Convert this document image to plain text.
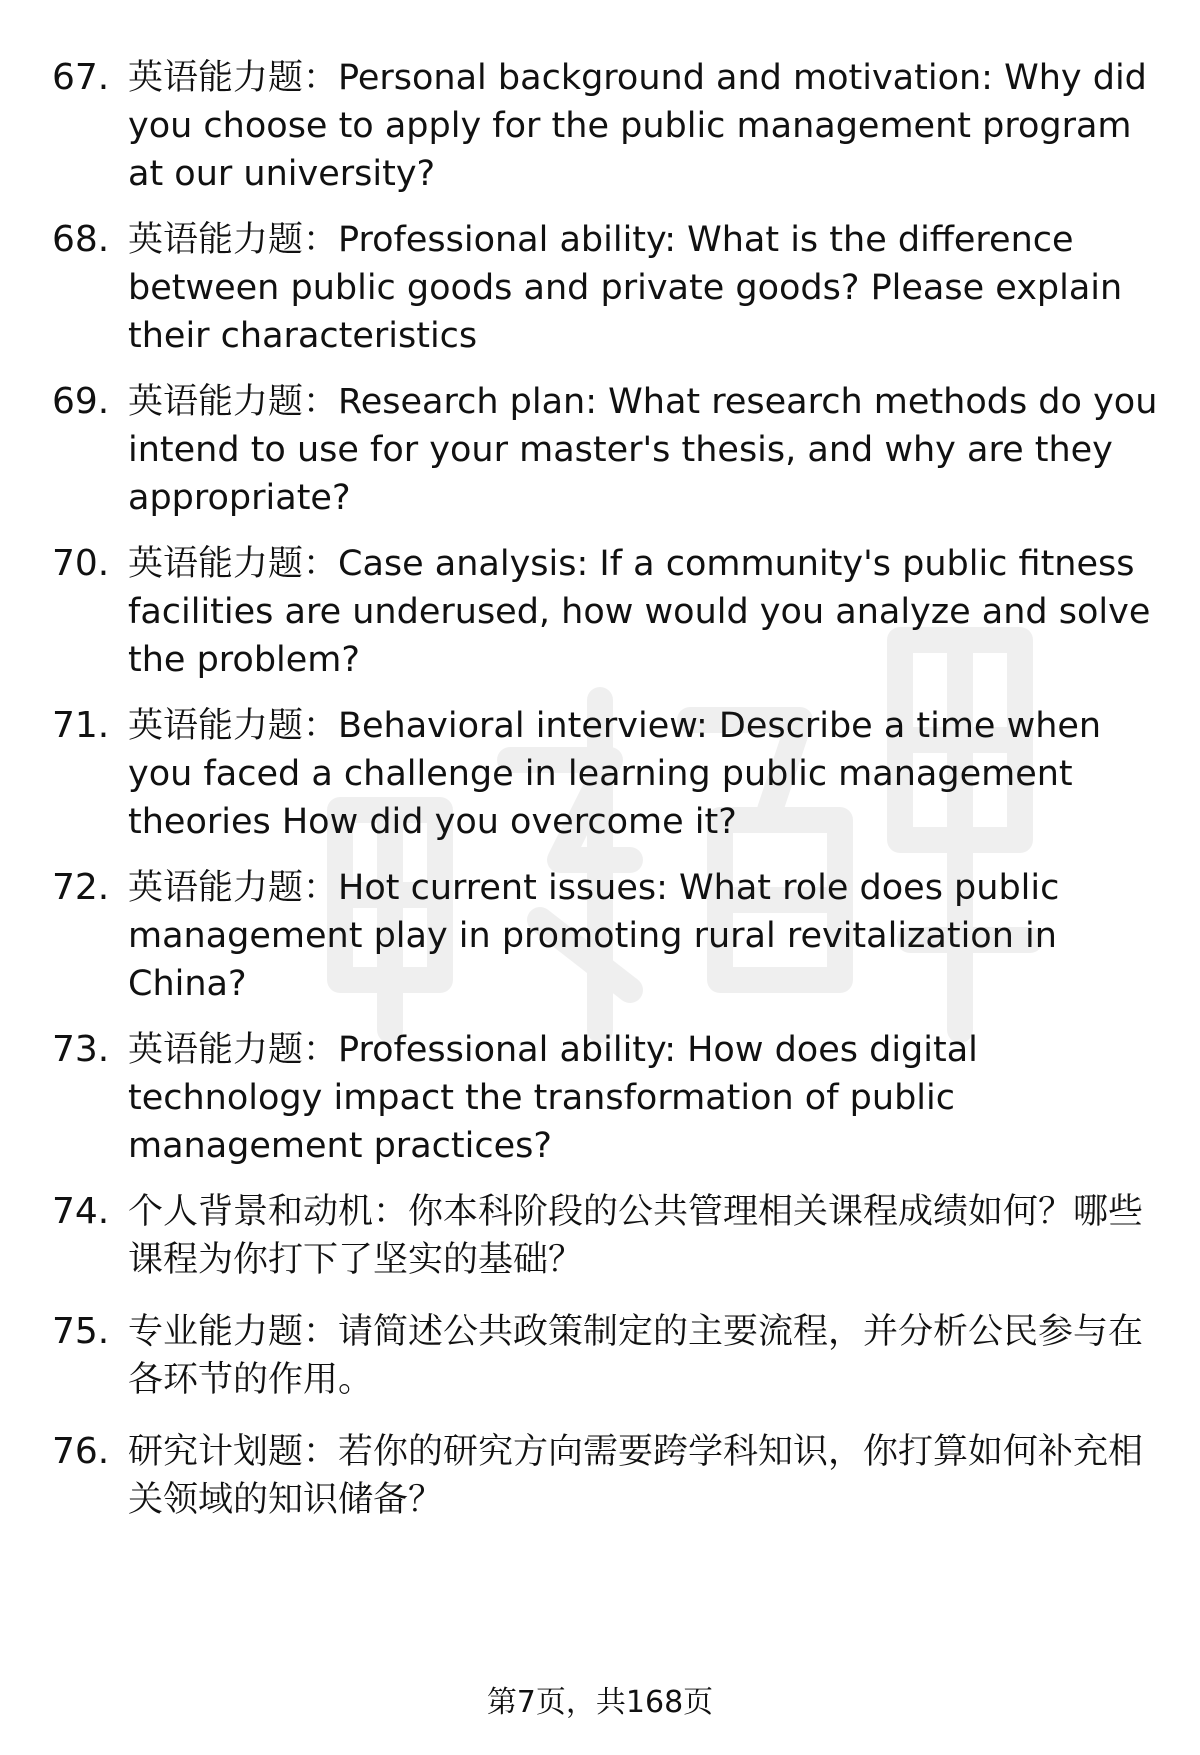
67. 英语能力题：Personal background and motivation: Why did you choose to apply for the public management program at our university?
68. 英语能力题：Professional ability: What is the difference between public goods and private goods? Please explain their characteristics
69. 英语能力题：Research plan: What research methods do you intend to use for your master's thesis, and why are they appropriate?
70. 英语能力题：Case analysis: If a community's public fitness facilities are underused, how would you analyze and solve the problem?
71. 英语能力题：Behavioral interview: Describe a time when you faced a challenge in learning public management theories How did you overcome it?
72. 英语能力题：Hot current issues: What role does public management play in promoting rural revitalization in China?
73. 英语能力题：Professional ability: How does digital technology impact the transformation of public management practices?
74. 个人背景和动机：你本科阶段的公共管理相关课程成绩如何？哪些课程为你打下了坚实的基础？
75. 专业能力题：请简述公共政策制定的主要流程，并分析公民参与在各环节的作用。
76. 研究计划题：若你的研究方向需要跨学科知识，你打算如何补充相关领域的知识储备？
第7页，共168页
